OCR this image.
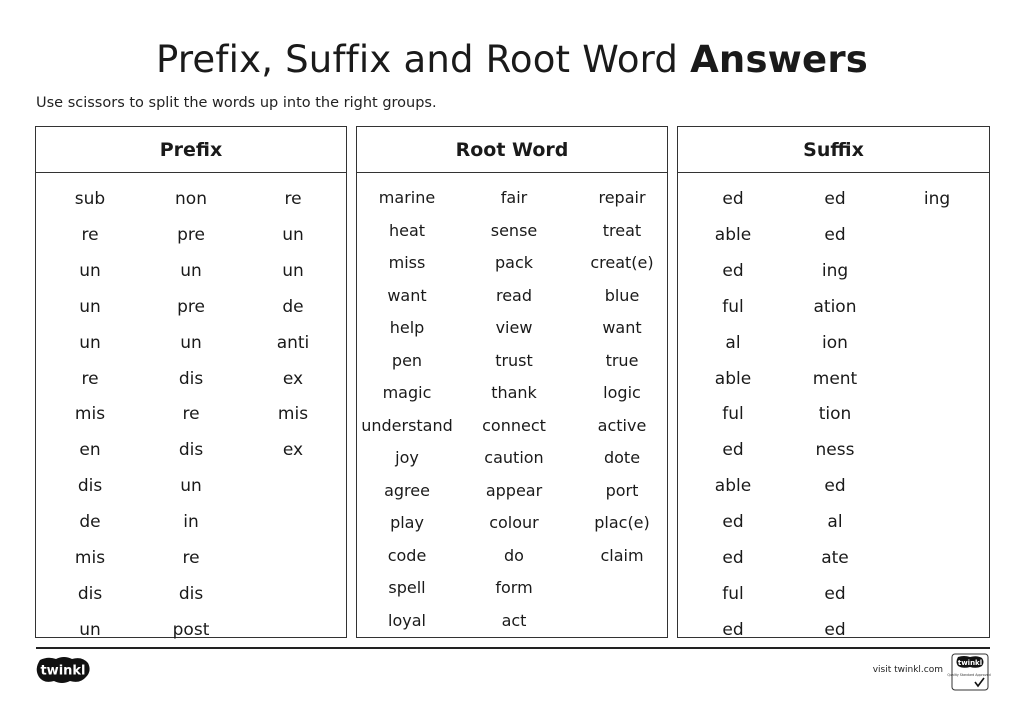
Prefix, Suffix and Root Word Answers
Use scissors to split the words up into the right groups.
Prefix
sub
re
un
un
un
re
mis
en
dis
de
mis
dis
un
non
pre
un
pre
un
dis
re
dis
un
in
re
dis
post
re
un
un
de
anti
ex
mis
ex
Root Word
marine
heat
miss
want
help
pen
magic
understand
joy
agree
play
code
spell
loyal
fair
sense
pack
read
view
trust
thank
connect
caution
appear
colour
do
form
act
repair
treat
creat(e)
blue
want
true
logic
active
dote
port
plac(e)
claim
Suffix
ed
able
ed
ful
al
able
ful
ed
able
ed
ed
ful
ed
ed
ed
ing
ation
ion
ment
tion
ness
ed
al
ate
ed
ed
ing
twinkl	visit twinkl.com
twinkl
Quality Standard Approved
